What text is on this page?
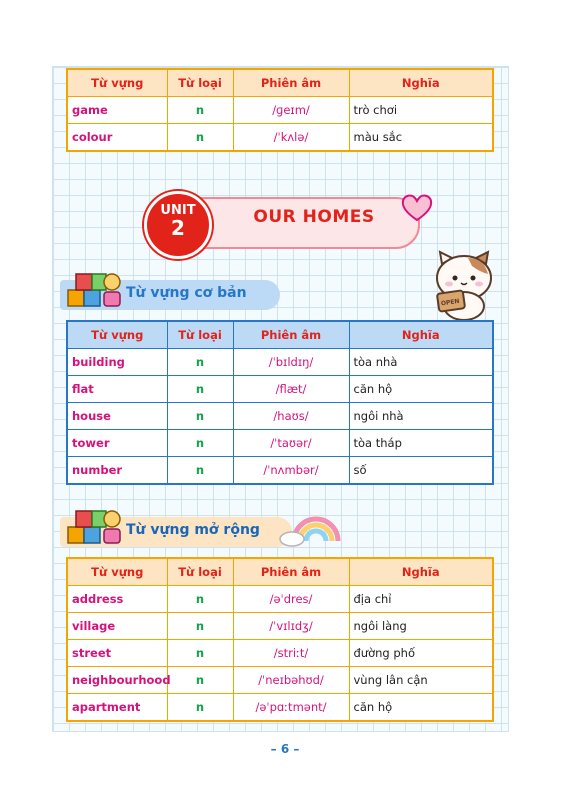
Từ vựng	Từ loại	Phiên âm	Nghĩa
game	n	/ɡeɪm/	trò chơi
colour	n	/ˈkʌlə/	màu sắc
OUR HOMES
UNIT
2
OPEN
Từ vựng cơ bản
Từ vựng	Từ loại	Phiên âm	Nghĩa
building	n	/ˈbɪldɪŋ/	tòa nhà
flat	n	/flæt/	căn hộ
house	n	/haʊs/	ngôi nhà
tower	n	/ˈtaʊər/	tòa tháp
number	n	/ˈnʌmbər/	số
Từ vựng mở rộng
Từ vựng	Từ loại	Phiên âm	Nghĩa
address	n	/əˈdres/	địa chỉ
village	n	/ˈvɪlɪdʒ/	ngôi làng
street	n	/striːt/	đường phố
neighbourhood	n	/ˈneɪbəhʊd/	vùng lân cận
apartment	n	/əˈpɑːtmənt/	căn hộ
– 6 –
